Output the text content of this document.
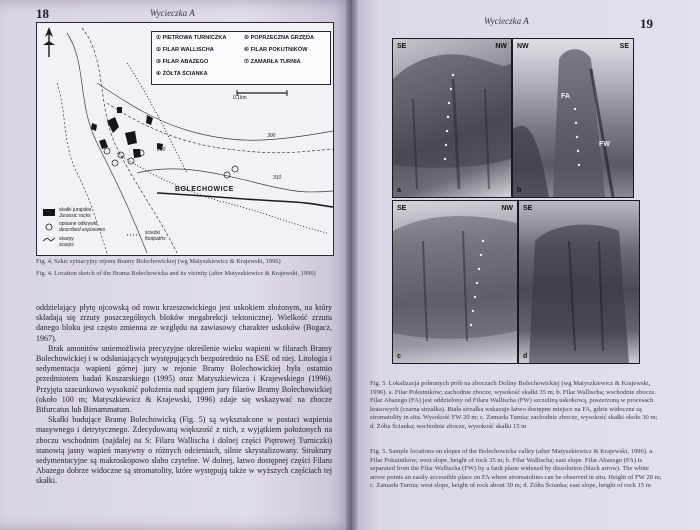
18	Wycieczka A
① PIETROWA TURNICZKA
② FILAR WALLISCHA
③ FILAR ABAZEGO
④ ŻÓŁTA ŚCIANKA
⑤ POPRZECZNA GRZĘDA
⑥ FILAR POKUTNIKÓW
⑦ ZAMARŁA TURNIA
0,1km
BOLECHOWICE
200
300
310
skałki jurajskie
Jurassic rocks
opisane odkrywki
described exposures
skarpy
scarps
ścieżki
footpaths
Fig. 4. Szkic sytuacyjny rejonu Bramy Bolechowickiej (wg Matyszkiewicz & Krajewski, 1996)
Fig. 4. Location sketch of the Brama Bolechowicka and its vicinity (after Matyszkiewicz & Krajewski, 1996)

oddzielający płytę ojcowską od rowu krzeszowickiego jest uskokiem złożonym, na który składają się zrzuty poszczególnych bloków megabrekcji tektonicznej. Wielkość zrzutu danego bloku jest często zmienna ze względu na zawiasowy charakter uskoków (Bogacz, 1967).

Brak amonitów uniemożliwia precyzyjne określenie wieku wapieni w filarach Bramy Bolechowickiej i w odsłaniających występujących bezpośrednio na ESE od niej. Litologia i sedymentacja wapieni górnej jury w rejonie Bramy Bolechowickiej była ostatnio przedmiotem badań Koszarskiego (1995) oraz Matyszkiewicza i Krajewskiego (1996). Przyjęta szacunkowo wysokość położenia nad spągiem jury filarów Bramy Bolechowickiej (około 100 m; Matyszkiewicz & Krajewski, 1996) zdaje się wskazywać na zbocze Bifurcatus lub Bimammatum.

Skałki budujące Bramę Bolechowicką (Fig. 5) są wykształcone w postaci wapienia masywnego i detrytycznego. Zdecydowaną większość z nich, z wyjątkiem położonych na zboczu wschodnim (najdalej na S: Filaru Wallischa i dolnej części Piętrowej Turniczki) stanowią jasny wapień masywny o różnych odcieniach, silnie skrystalizowany. Struktury sedymentacyjne są makroskopowo słabo czytelne. W dolnej, łatwo dostępnej części Filaru Abazego dobrze widoczne są stromatolity, które występują także w wyższych częściach tej skałki.

Wycieczka A	19
SE	NW
a
NW	SE
FA
FW
b
SE	NW
c
SE
d
Fig. 5. Lokalizacja pobranych prób na zboczach Doliny Bolechowickiej (wg Matyszkiewicz & Krajewski, 1996). a. Filar Pokutników; zachodnie zbocze, wysokość skałki 35 m; b. Filar Wallischa; wschodnie zbocze. Filar Abazego (FA) jest oddzielony od Filaru Wallischa (FW) szczeliną uskokową, poszerzoną w procesach krasowych (czarna strzałka). Biała strzałka wskazuje łatwo dostępne miejsce na FA, gdzie widoczne są stromatolity in situ. Wysokość FW 20 m; c. Zamarła Turnia; zachodnie zbocze, wysokość skałki około 30 m; d. Żółta Ścianka; wschodnie zbocze, wysokość skałki 15 m
Fig. 5. Sample locations on slopes of the Bolechowicka valley (after Matyszkiewicz & Krajewski, 1996). a. Filar Pokutników; west slope, height of rock 35 m; b. Filar Wallischa; east slope. Filar Abazego (FA) is separated from the Filar Wallischa (FW) by a fault plane widened by dissolution (black arrow). The white arrow points an easily accessible place on FA where stromatolites can be observed in situ. Height of FW 20 m; c. Zamarła Turnia; west slope, height of rock about 30 m; d. Żółta Ścianka; east slope, height of rock 15 m
